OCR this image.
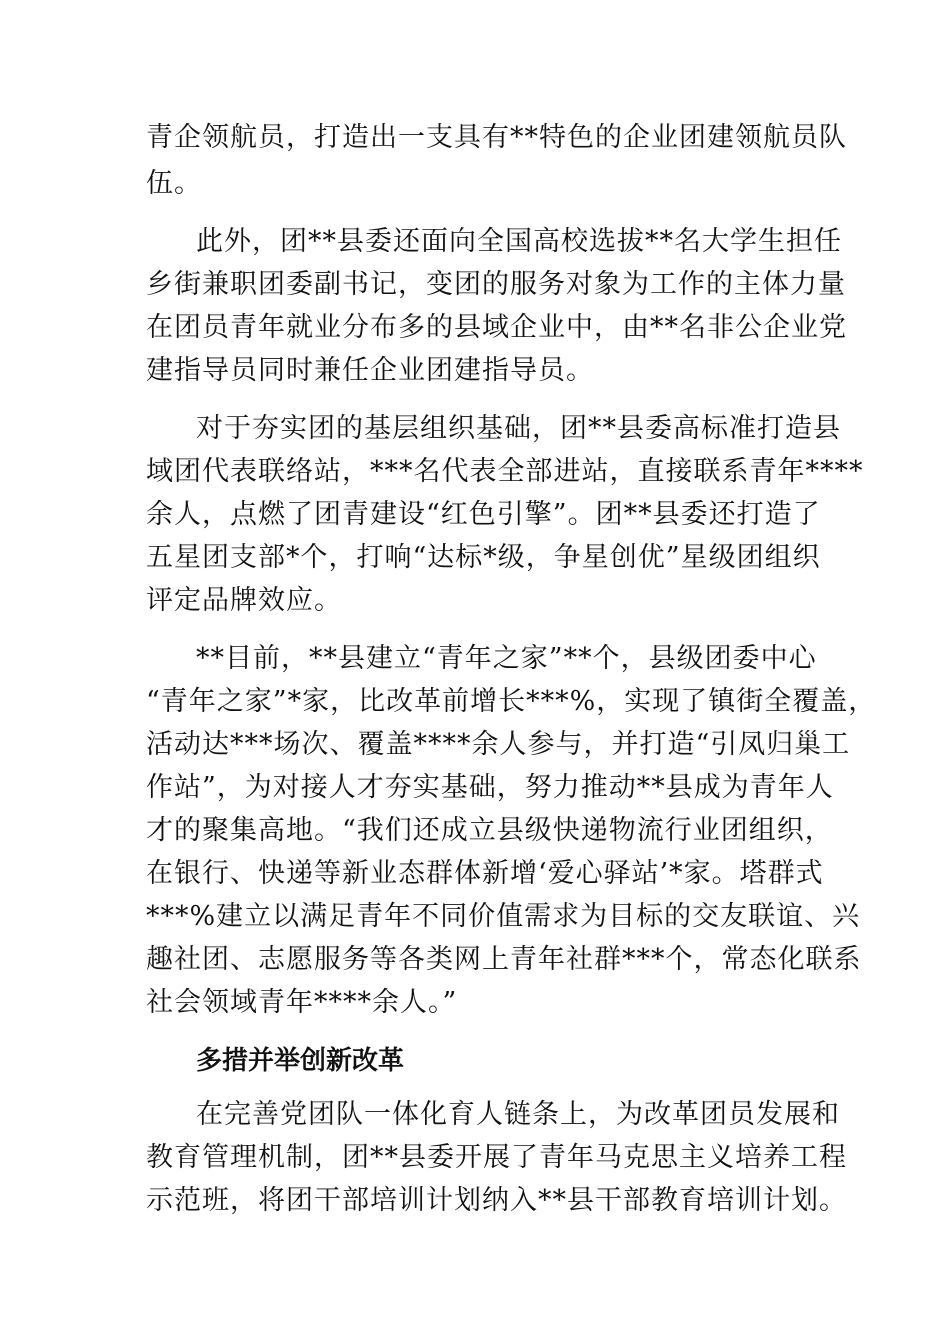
青企领航员，打造出一支具有**特色的企业团建领航员队
伍。
此外，团**县委还面向全国高校选拔**名大学生担任
乡街兼职团委副书记，变团的服务对象为工作的主体力量
在团员青年就业分布多的县域企业中，由**名非公企业党
建指导员同时兼任企业团建指导员。
对于夯实团的基层组织基础，团**县委高标准打造县
域团代表联络站，***名代表全部进站，直接联系青年****
余人，点燃了团青建设“红色引擎”。团**县委还打造了
五星团支部*个，打响“达标*级，争星创优”星级团组织
评定品牌效应。
**目前，**县建立“青年之家”**个，县级团委中心
“青年之家”*家，比改革前增长***%，实现了镇街全覆盖，
活动达***场次、覆盖****余人参与，并打造“引凤归巢工
作站”，为对接人才夯实基础，努力推动**县成为青年人
才的聚集高地。“我们还成立县级快递物流行业团组织，
在银行、快递等新业态群体新增‘爱心驿站’*家。塔群式
***%建立以满足青年不同价值需求为目标的交友联谊、兴
趣社团、志愿服务等各类网上青年社群***个，常态化联系
社会领域青年****余人。”
多措并举创新改革
在完善党团队一体化育人链条上，为改革团员发展和
教育管理机制，团**县委开展了青年马克思主义培养工程
示范班，将团干部培训计划纳入**县干部教育培训计划。
